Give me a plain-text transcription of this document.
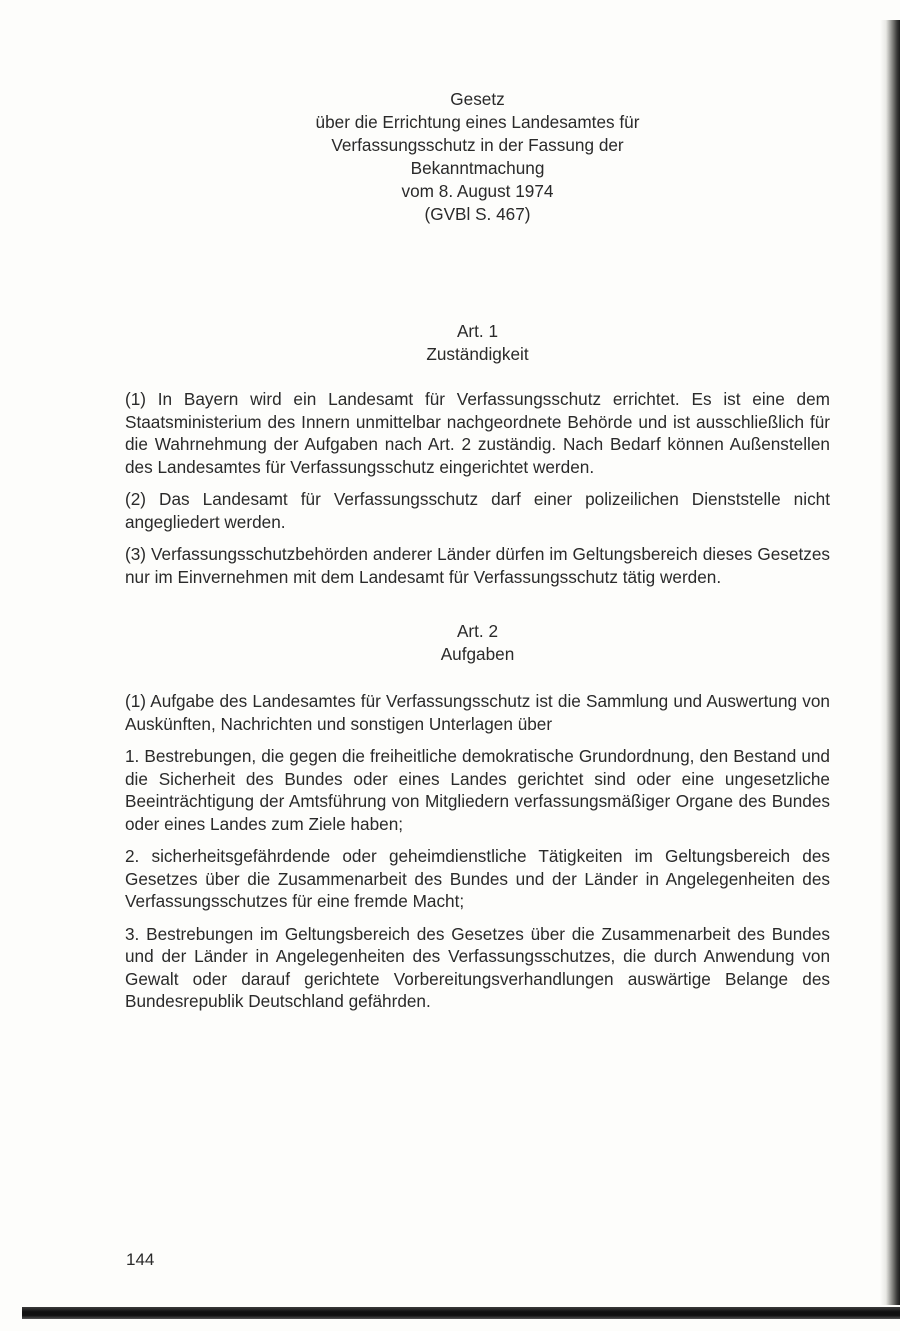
Gesetz
über die Errichtung eines Landesamtes für
Verfassungsschutz in der Fassung der
Bekanntmachung
vom 8. August 1974
(GVBl S. 467)
Art. 1
Zuständigkeit

(1) In Bayern wird ein Landesamt für Verfassungsschutz errichtet. Es ist eine dem Staatsministerium des Innern unmittelbar nachgeordnete Behörde und ist ausschließlich für die Wahrnehmung der Aufgaben nach Art. 2 zuständig. Nach Bedarf können Außenstellen des Landesamtes für Verfassungsschutz eingerichtet werden.

(2) Das Landesamt für Verfassungsschutz darf einer polizeilichen Dienststelle nicht angegliedert werden.

(3) Verfassungsschutzbehörden anderer Länder dürfen im Geltungsbereich dieses Gesetzes nur im Einvernehmen mit dem Landesamt für Verfassungsschutz tätig werden.

Art. 2
Aufgaben

(1) Aufgabe des Landesamtes für Verfassungsschutz ist die Sammlung und Auswertung von Auskünften, Nachrichten und sonstigen Unterlagen über

1. Bestrebungen, die gegen die freiheitliche demokratische Grundordnung, den Bestand und die Sicherheit des Bundes oder eines Landes gerichtet sind oder eine ungesetzliche Beeinträchtigung der Amtsführung von Mitgliedern verfassungsmäßiger Organe des Bundes oder eines Landes zum Ziele haben;

2. sicherheitsgefährdende oder geheimdienstliche Tätigkeiten im Geltungsbereich des Gesetzes über die Zusammenarbeit des Bundes und der Länder in Angelegenheiten des Verfassungsschutzes für eine fremde Macht;

3. Bestrebungen im Geltungsbereich des Gesetzes über die Zusammenarbeit des Bundes und der Länder in Angelegenheiten des Verfassungsschutzes, die durch Anwendung von Gewalt oder darauf gerichtete Vorbereitungsverhandlungen auswärtige Belange des Bundesrepublik Deutschland gefährden.

144
